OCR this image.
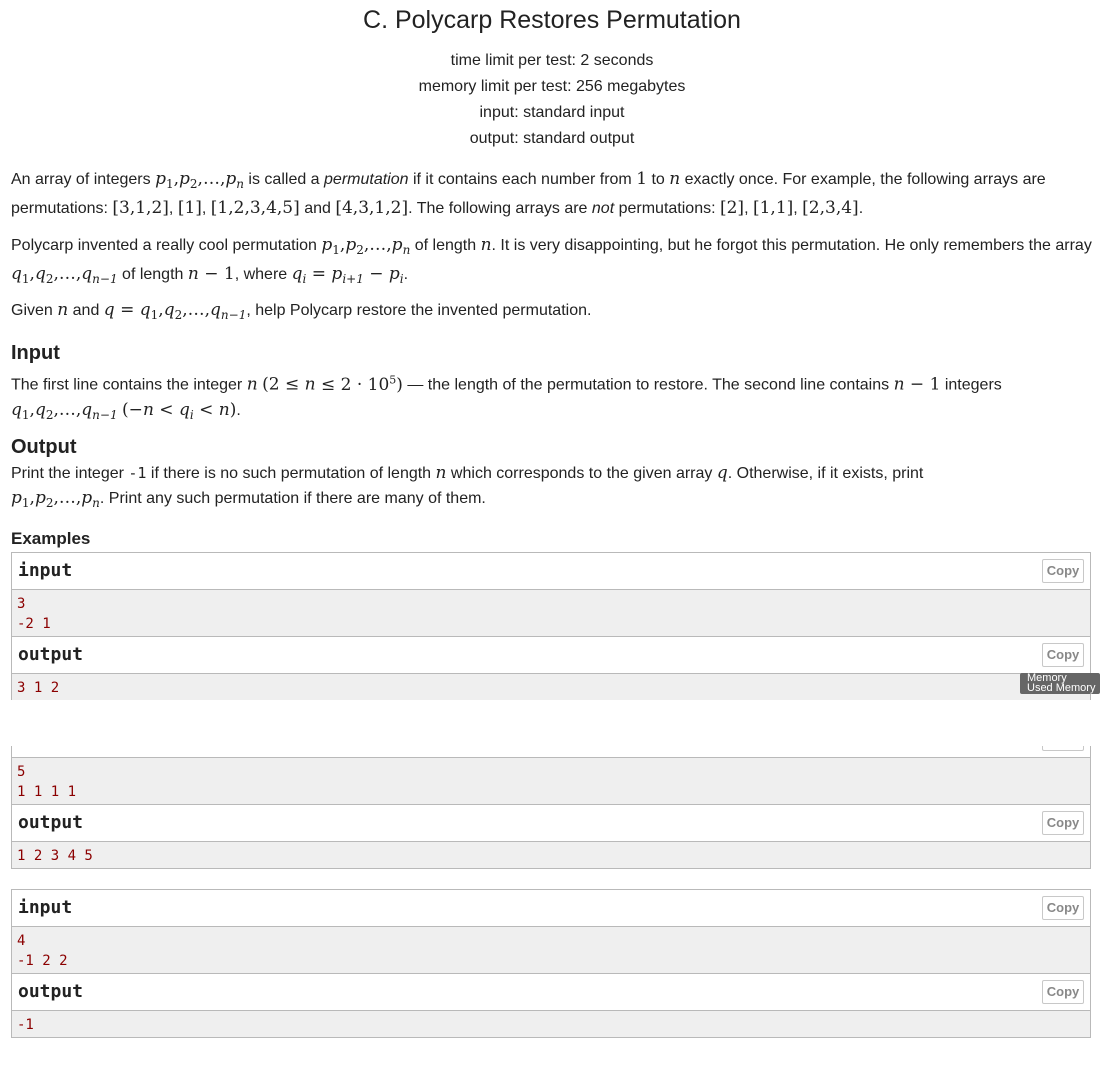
C. Polycarp Restores Permutation
time limit per test: 2 seconds
memory limit per test: 256 megabytes
input: standard input
output: standard output
An array of integers $p_1,p_2,\dots,p_n$ is called a permutation if it contains each number from 1 to n exactly once. For example, the following arrays are permutations: [3,1,2], [1], [1,2,3,4,5] and [4,3,1,2]. The following arrays are not permutations: [2], [1,1], [2,3,4].
Polycarp invented a really cool permutation $p_1,p_2,\dots,p_n$ of length n. It is very disappointing, but he forgot this permutation. He only remembers the array $q_1,q_2,\dots,q_{n-1}$ of length n − 1, where $q_i = p_{i+1} - p_i$.
Given n and $q = q_1,q_2,\dots,q_{n-1}$, help Polycarp restore the invented permutation.
Input
The first line contains the integer n $(2 \le n \le 2 \cdot 10^5)$ — the length of the permutation to restore. The second line contains n − 1 integers
$q_1,q_2,\dots,q_{n-1}$ $(-n < q_i < n)$.
Output
Print the integer -1 if there is no such permutation of length n which corresponds to the given array q. Otherwise, if it exists, print
$p_1,p_2,\dots,p_n$. Print any such permutation if there are many of them.
Examples
input	Copy
3
-2 1
output	Copy
3 1 2
5
1 1 1 1
output	Copy
1 2 3 4 5
input	Copy
4
-1 2 2
output	Copy
-1
Memory
Used Memory
